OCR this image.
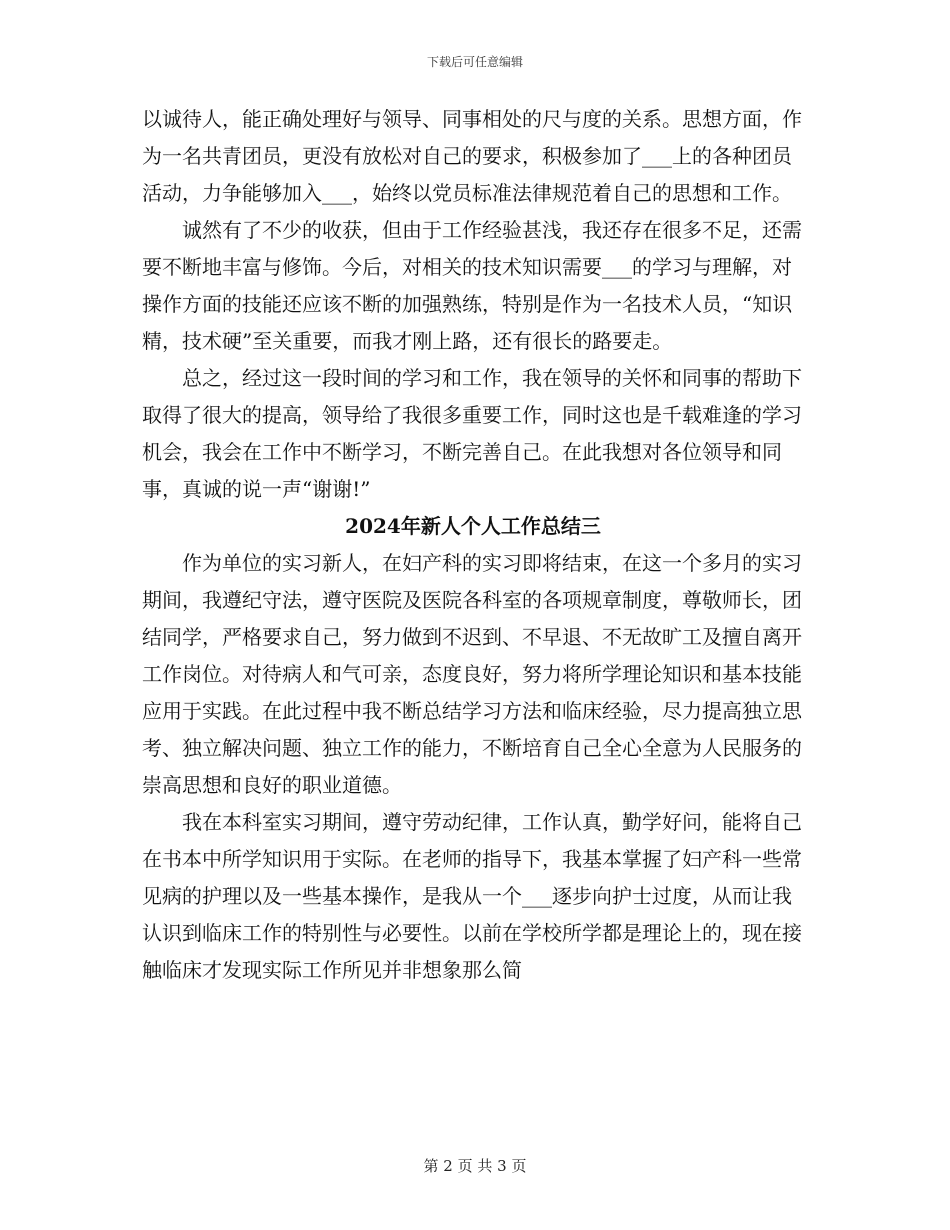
下载后可任意编辑

以诚待人，能正确处理好与领导、同事相处的尺与度的关系。思想方面，作为一名共青团员，更没有放松对自己的要求，积极参加了___上的各种团员活动，力争能够加入___，始终以党员标准法律规范着自己的思想和工作。

诚然有了不少的收获，但由于工作经验甚浅，我还存在很多不足，还需要不断地丰富与修饰。今后，对相关的技术知识需要___的学习与理解，对操作方面的技能还应该不断的加强熟练，特别是作为一名技术人员，“知识精，技术硬”至关重要，而我才刚上路，还有很长的路要走。

总之，经过这一段时间的学习和工作，我在领导的关怀和同事的帮助下取得了很大的提高，领导给了我很多重要工作，同时这也是千载难逢的学习机会，我会在工作中不断学习，不断完善自己。在此我想对各位领导和同事，真诚的说一声“谢谢!”

2024年新人个人工作总结三

作为单位的实习新人，在妇产科的实习即将结束，在这一个多月的实习期间，我遵纪守法，遵守医院及医院各科室的各项规章制度，尊敬师长，团结同学，严格要求自己，努力做到不迟到、不早退、不无故旷工及擅自离开工作岗位。对待病人和气可亲，态度良好，努力将所学理论知识和基本技能应用于实践。在此过程中我不断总结学习方法和临床经验，尽力提高独立思考、独立解决问题、独立工作的能力，不断培育自己全心全意为人民服务的崇高思想和良好的职业道德。

我在本科室实习期间，遵守劳动纪律，工作认真，勤学好问，能将自己在书本中所学知识用于实际。在老师的指导下，我基本掌握了妇产科一些常见病的护理以及一些基本操作，是我从一个___逐步向护士过度，从而让我认识到临床工作的特别性与必要性。以前在学校所学都是理论上的，现在接触临床才发现实际工作所见并非想象那么简

第 2 页 共 3 页
